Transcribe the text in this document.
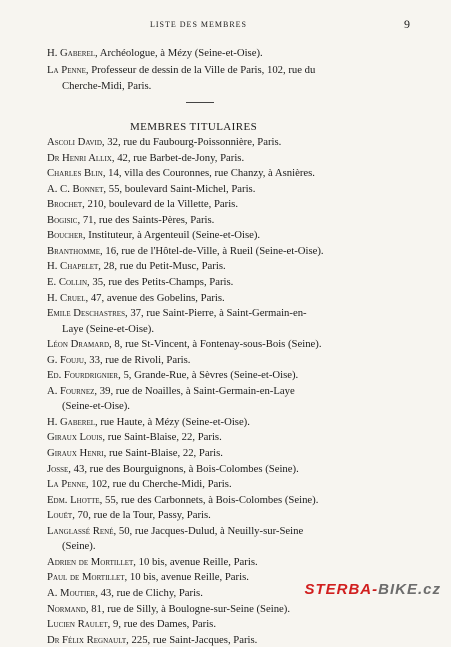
LISTE DES MEMBRES	9
H. Gaberel, Archéologue, à Mézy (Seine-et-Oise).
La Penne, Professeur de dessin de la Ville de Paris, 102, rue du
Cherche-Midi, Paris.
MEMBRES TITULAIRES
Ascoli David, 32, rue du Faubourg-Poissonnière, Paris.
Dr Henri Allix, 42, rue Barbet-de-Jony, Paris.
Charles Blin, 14, villa des Couronnes, rue Chanzy, à Asnières.
A. C. Bonnet, 55, boulevard Saint-Michel, Paris.
Brochet, 210, boulevard de la Villette, Paris.
Bogisic, 71, rue des Saints-Pères, Paris.
Boucher, Instituteur, à Argenteuil (Seine-et-Oise).
Branthomme, 16, rue de l'Hôtel-de-Ville, à Rueil (Seine-et-Oise).
H. Chapelet, 28, rue du Petit-Musc, Paris.
E. Collin, 35, rue des Petits-Champs, Paris.
H. Cruel, 47, avenue des Gobelins, Paris.
Emile Deschastres, 37, rue Saint-Pierre, à Saint-Germain-en-
Laye (Seine-et-Oise).
Léon Dramard, 8, rue St-Vincent, à Fontenay-sous-Bois (Seine).
G. Fouju, 33, rue de Rivoli, Paris.
Ed. Fourdrignier, 5, Grande-Rue, à Sèvres (Seine-et-Oise).
A. Fournez, 39, rue de Noailles, à Saint-Germain-en-Laye
(Seine-et-Oise).
H. Gaberel, rue Haute, à Mézy (Seine-et-Oise).
Giraux Louis, rue Saint-Blaise, 22, Paris.
Giraux Henri, rue Saint-Blaise, 22, Paris.
Josse, 43, rue des Bourguignons, à Bois-Colombes (Seine).
La Penne, 102, rue du Cherche-Midi, Paris.
Edm. Lhotte, 55, rue des Carbonnets, à Bois-Colombes (Seine).
Louët, 70, rue de la Tour, Passy, Paris.
Langlassé René, 50, rue Jacques-Dulud, à Neuilly-sur-Seine
(Seine).
Adrien de Mortillet, 10 bis, avenue Reille, Paris.
Paul de Mortillet, 10 bis, avenue Reille, Paris.
A. Moutier, 43, rue de Clichy, Paris.
Normand, 81, rue de Silly, à Boulogne-sur-Seine (Seine).
Lucien Raulet, 9, rue des Dames, Paris.
Dr Félix Regnault, 225, rue Saint-Jacques, Paris.
STERBA-BIKE.cz
